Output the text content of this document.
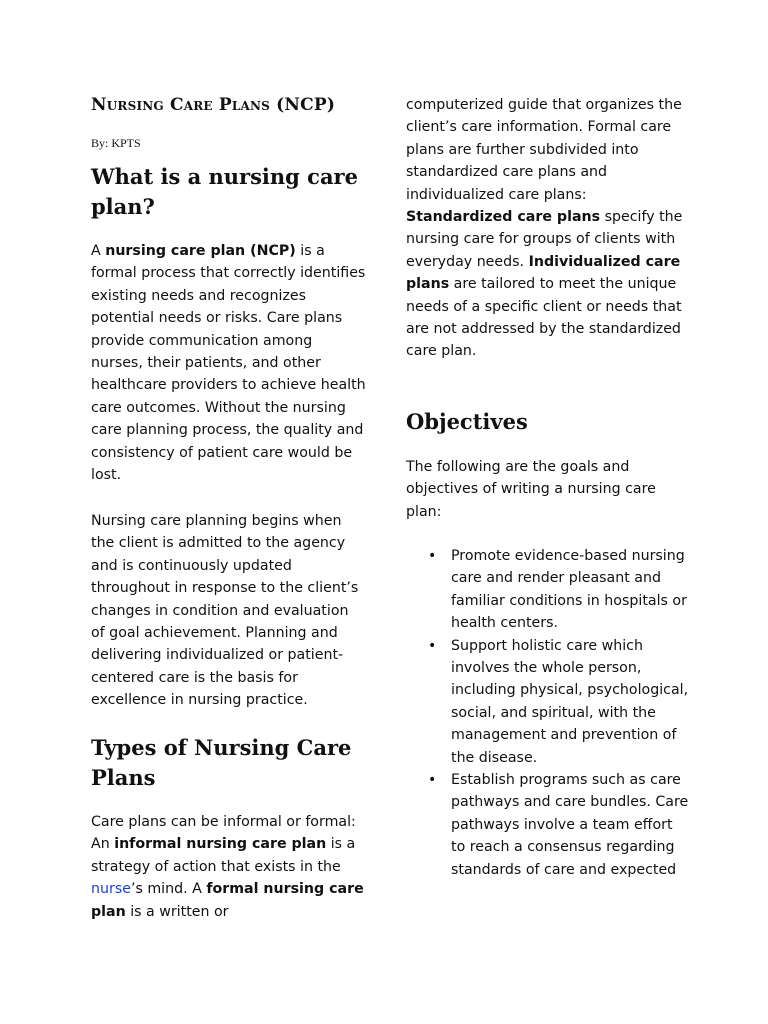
Nursing Care Plans (NCP)
By: KPTS
What is a nursing care plan?

A nursing care plan (NCP) is a formal process that correctly identifies existing needs and recognizes potential needs or risks. Care plans provide communication among nurses, their patients, and other healthcare providers to achieve health care outcomes. Without the nursing care planning process, the quality and consistency of patient care would be lost.

Nursing care planning begins when the client is admitted to the agency and is continuously updated throughout in response to the client’s changes in condition and evaluation of goal achievement. Planning and delivering individualized or patient-centered care is the basis for excellence in nursing practice.

Types of Nursing Care Plans

Care plans can be informal or formal: An informal nursing care plan is a strategy of action that exists in the nurse’s mind. A formal nursing care plan is a written or

computerized guide that organizes the client’s care information. Formal care plans are further subdivided into standardized care plans and individualized care plans: Standardized care plans specify the nursing care for groups of clients with everyday needs. Individualized care plans are tailored to meet the unique needs of a specific client or needs that are not addressed by the standardized care plan.

Objectives

The following are the goals and objectives of writing a nursing care plan:

• Promote evidence-based nursing care and render pleasant and familiar conditions in hospitals or health centers.
• Support holistic care which involves the whole person, including physical, psychological, social, and spiritual, with the management and prevention of the disease.
• Establish programs such as care pathways and care bundles. Care pathways involve a team effort to reach a consensus regarding standards of care and expected
